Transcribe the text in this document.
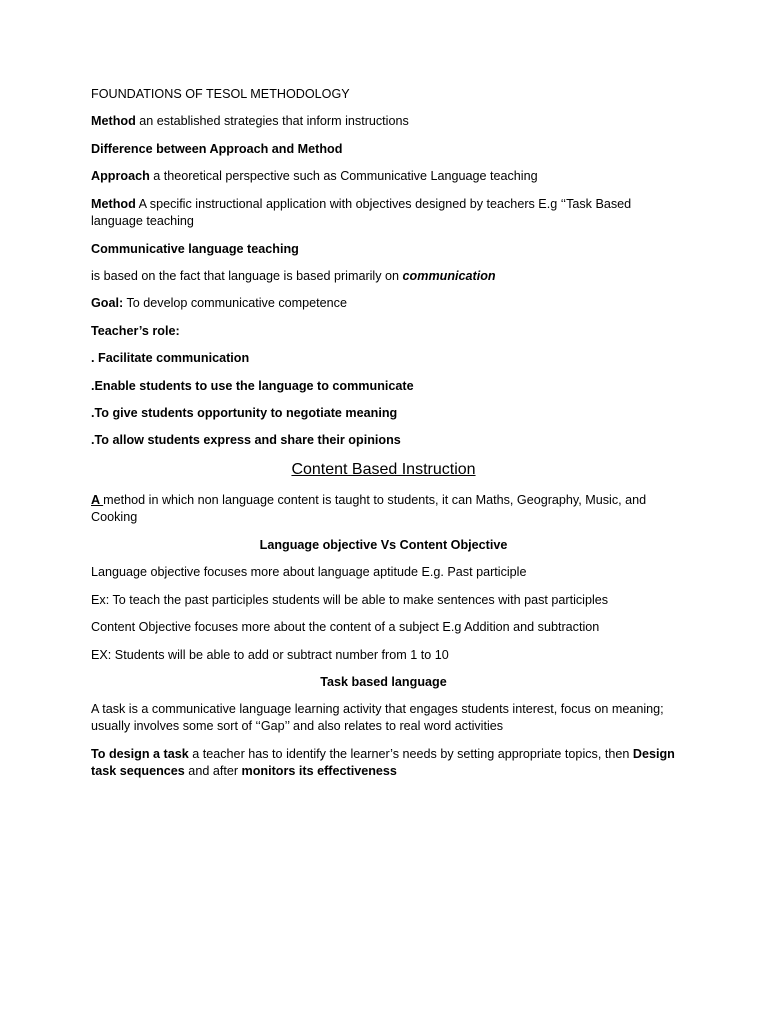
FOUNDATIONS OF TESOL METHODOLOGY
Method an established strategies that inform instructions
Difference between Approach and Method
Approach a theoretical perspective such as Communicative Language teaching
Method A specific instructional application with objectives designed by teachers E.g ‘‘Task Based language teaching
Communicative language teaching
is based on the fact that language is based primarily on communication
Goal: To develop communicative competence
Teacher’s role:
. Facilitate communication
.Enable students to use the language to communicate
.To give students opportunity to negotiate meaning
.To allow students express and share their opinions
Content Based Instruction
A method in which non language content is taught to students, it can Maths, Geography, Music, and Cooking
Language objective Vs Content Objective
Language objective focuses more about language aptitude E.g. Past participle
Ex: To teach the past participles students will be able to make sentences with past participles
Content Objective focuses more about the content of a subject E.g Addition and subtraction
EX: Students will be able to add or subtract number from 1 to 10
Task based language
A task is a communicative language learning activity that engages students interest, focus on meaning; usually involves some sort of ‘‘Gap’’ and also relates to real word activities
To design a task a teacher has to identify the learner’s needs by setting appropriate topics, then Design task sequences and after monitors its effectiveness
